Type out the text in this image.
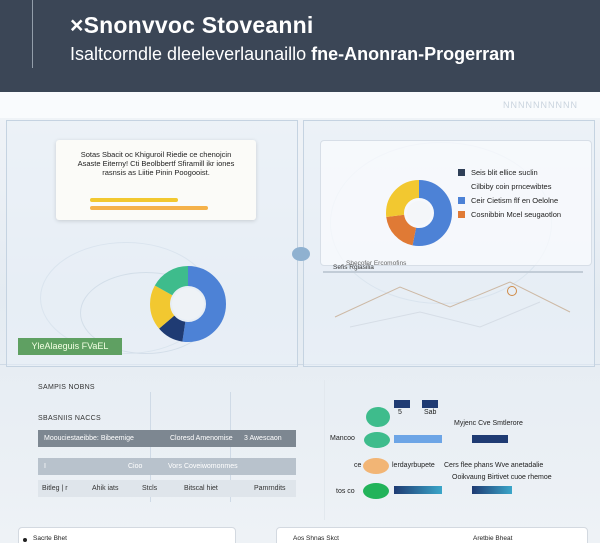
×Snonvvoc Stoveanni
Isaltcorndle dleeleverlaunaillo fne-Anonran-Progerram
NNNNNNNNNN
Sotas Sbacit oc Khiguroil Riedie ce chenojcin
Asaste Eiterny! Cti Beolbbertf Sfiramill ikr iones
rasnsis as Liitie Pinin Poogooist.
Shecofer Ercomofins
Seis blit ellice suclin
Cilbiby coin prncewibtes
Ceir Cietism flf en Oelolne
Cosnibbin Mcel seugaotlon
Sefis Rgiasilia
YleAlaeguis FVaEL
SAMPIS NOBNS
SBASNIIS NACCS
Moouciestaeibbe: Bibeemige	Cloresd Amenomise 3 Awescaon
I	Cioo	Vors Coveiwomonmes
Bitleg | r	Ahik iats	Stcls	Bitscal hiet	Pamrndits
5	Sab
Mancoo
Myjenc Cve Smtlerore
ce	lerdayrbupete Cers flee phans Wve anetadalie
Ooikvaung Birtivet cuoe rhemoe
tos co
Sacrte Bhet	Aos Shnas Skct	Aretbie Bheat
